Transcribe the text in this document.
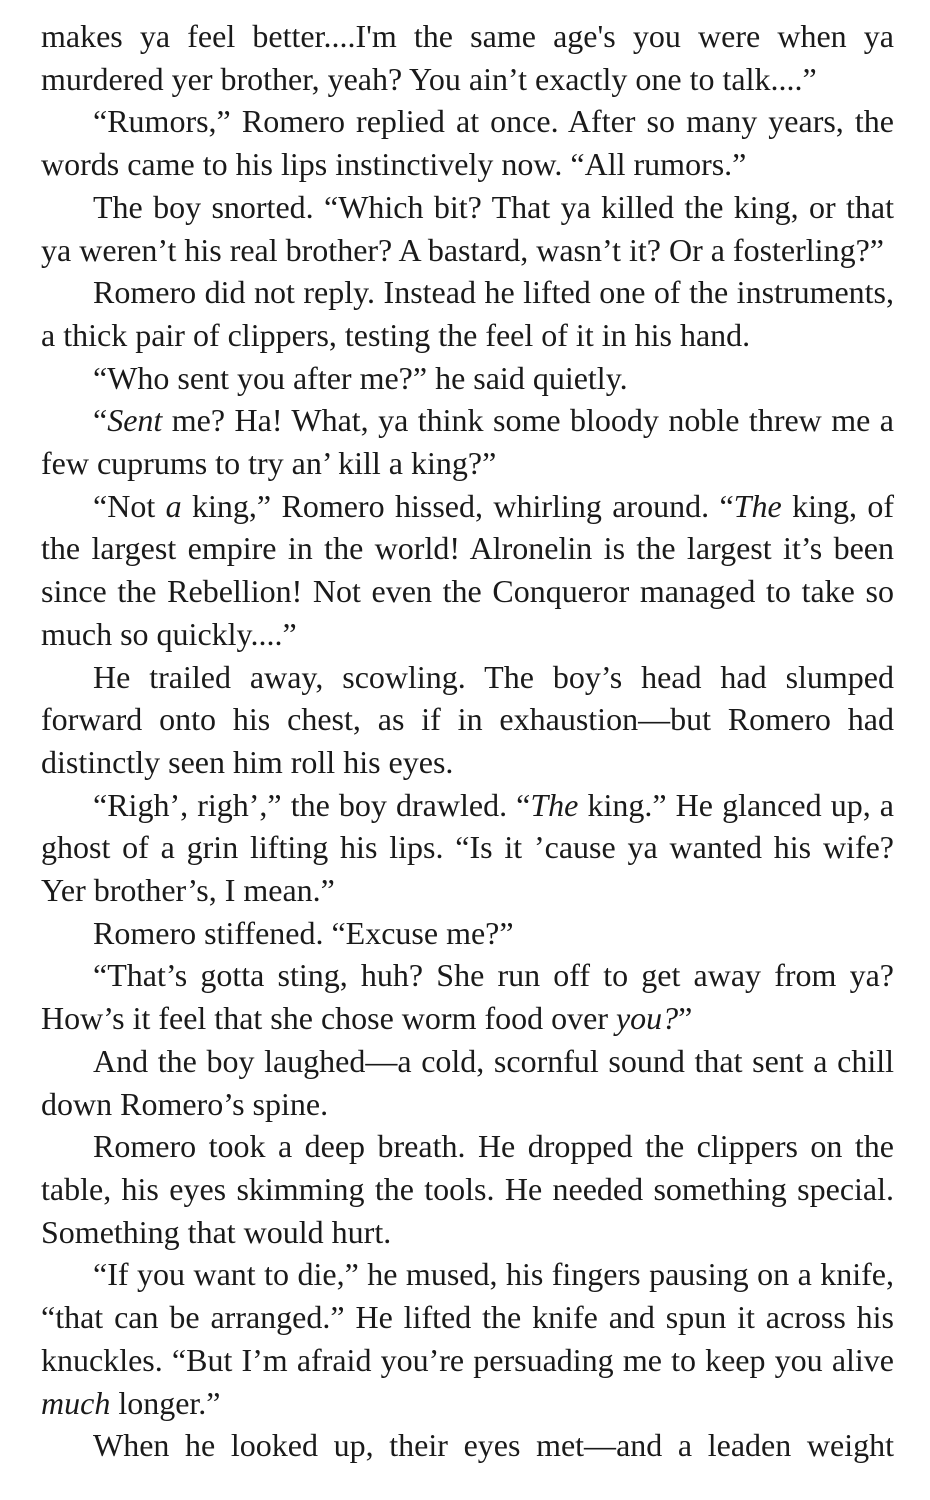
makes ya feel better....I'm the same age's you were when ya murdered yer brother, yeah? You ain’t exactly one to talk....”

“Rumors,” Romero replied at once. After so many years, the words came to his lips instinctively now. “All rumors.”

The boy snorted. “Which bit? That ya killed the king, or that ya weren’t his real brother? A bastard, wasn’t it? Or a fosterling?”

Romero did not reply. Instead he lifted one of the instruments, a thick pair of clippers, testing the feel of it in his hand.

“Who sent you after me?” he said quietly.

“Sent me? Ha! What, ya think some bloody noble threw me a few cuprums to try an’ kill a king?”

“Not a king,” Romero hissed, whirling around. “The king, of the largest empire in the world! Alronelin is the largest it’s been since the Rebellion! Not even the Conqueror managed to take so much so quickly....”

He trailed away, scowling. The boy’s head had slumped forward onto his chest, as if in exhaustion—but Romero had distinctly seen him roll his eyes.

“Righ’, righ’,” the boy drawled. “The king.” He glanced up, a ghost of a grin lifting his lips. “Is it ’cause ya wanted his wife? Yer brother’s, I mean.”

Romero stiffened. “Excuse me?”

“That’s gotta sting, huh? She run off to get away from ya? How’s it feel that she chose worm food over you?”

And the boy laughed—a cold, scornful sound that sent a chill down Romero’s spine.

Romero took a deep breath. He dropped the clippers on the table, his eyes skimming the tools. He needed something special. Something that would hurt.

“If you want to die,” he mused, his fingers pausing on a knife, “that can be arranged.” He lifted the knife and spun it across his knuckles. “But I’m afraid you’re persuading me to keep you alive much longer.”

When he looked up, their eyes met—and a leaden weight
